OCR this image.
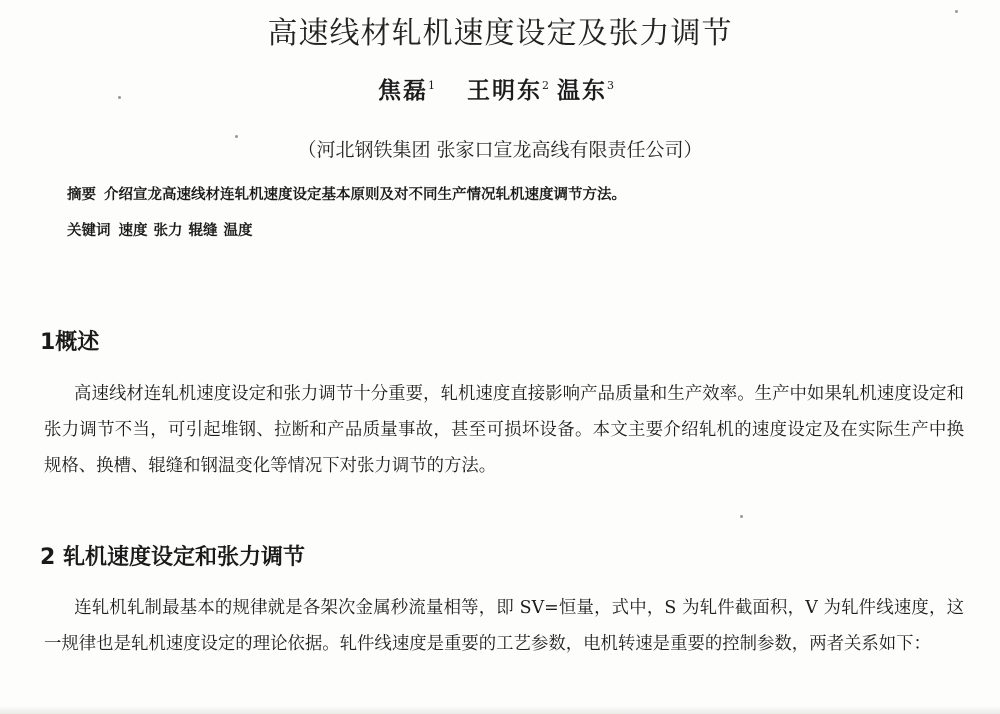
高速线材轧机速度设定及张力调节
焦磊$^1$ 王明东$^2$ 温东$^3$
（河北钢铁集团 张家口宣龙高线有限责任公司）
摘要 介绍宣龙高速线材连轧机速度设定基本原则及对不同生产情况轧机速度调节方法。
关键词 速度 张力 辊缝 温度
1概述
高速线材连轧机速度设定和张力调节十分重要，轧机速度直接影响产品质量和生产效率。生产中如果轧机速度设定和张力调节不当，可引起堆钢、拉断和产品质量事故，甚至可损坏设备。本文主要介绍轧机的速度设定及在实际生产中换规格、换槽、辊缝和钢温变化等情况下对张力调节的方法。
2 轧机速度设定和张力调节
连轧机轧制最基本的规律就是各架次金属秒流量相等，即 SV=恒量，式中，S 为轧件截面积，V 为轧件线速度，这一规律也是轧机速度设定的理论依据。轧件线速度是重要的工艺参数，电机转速是重要的控制参数，两者关系如下：
